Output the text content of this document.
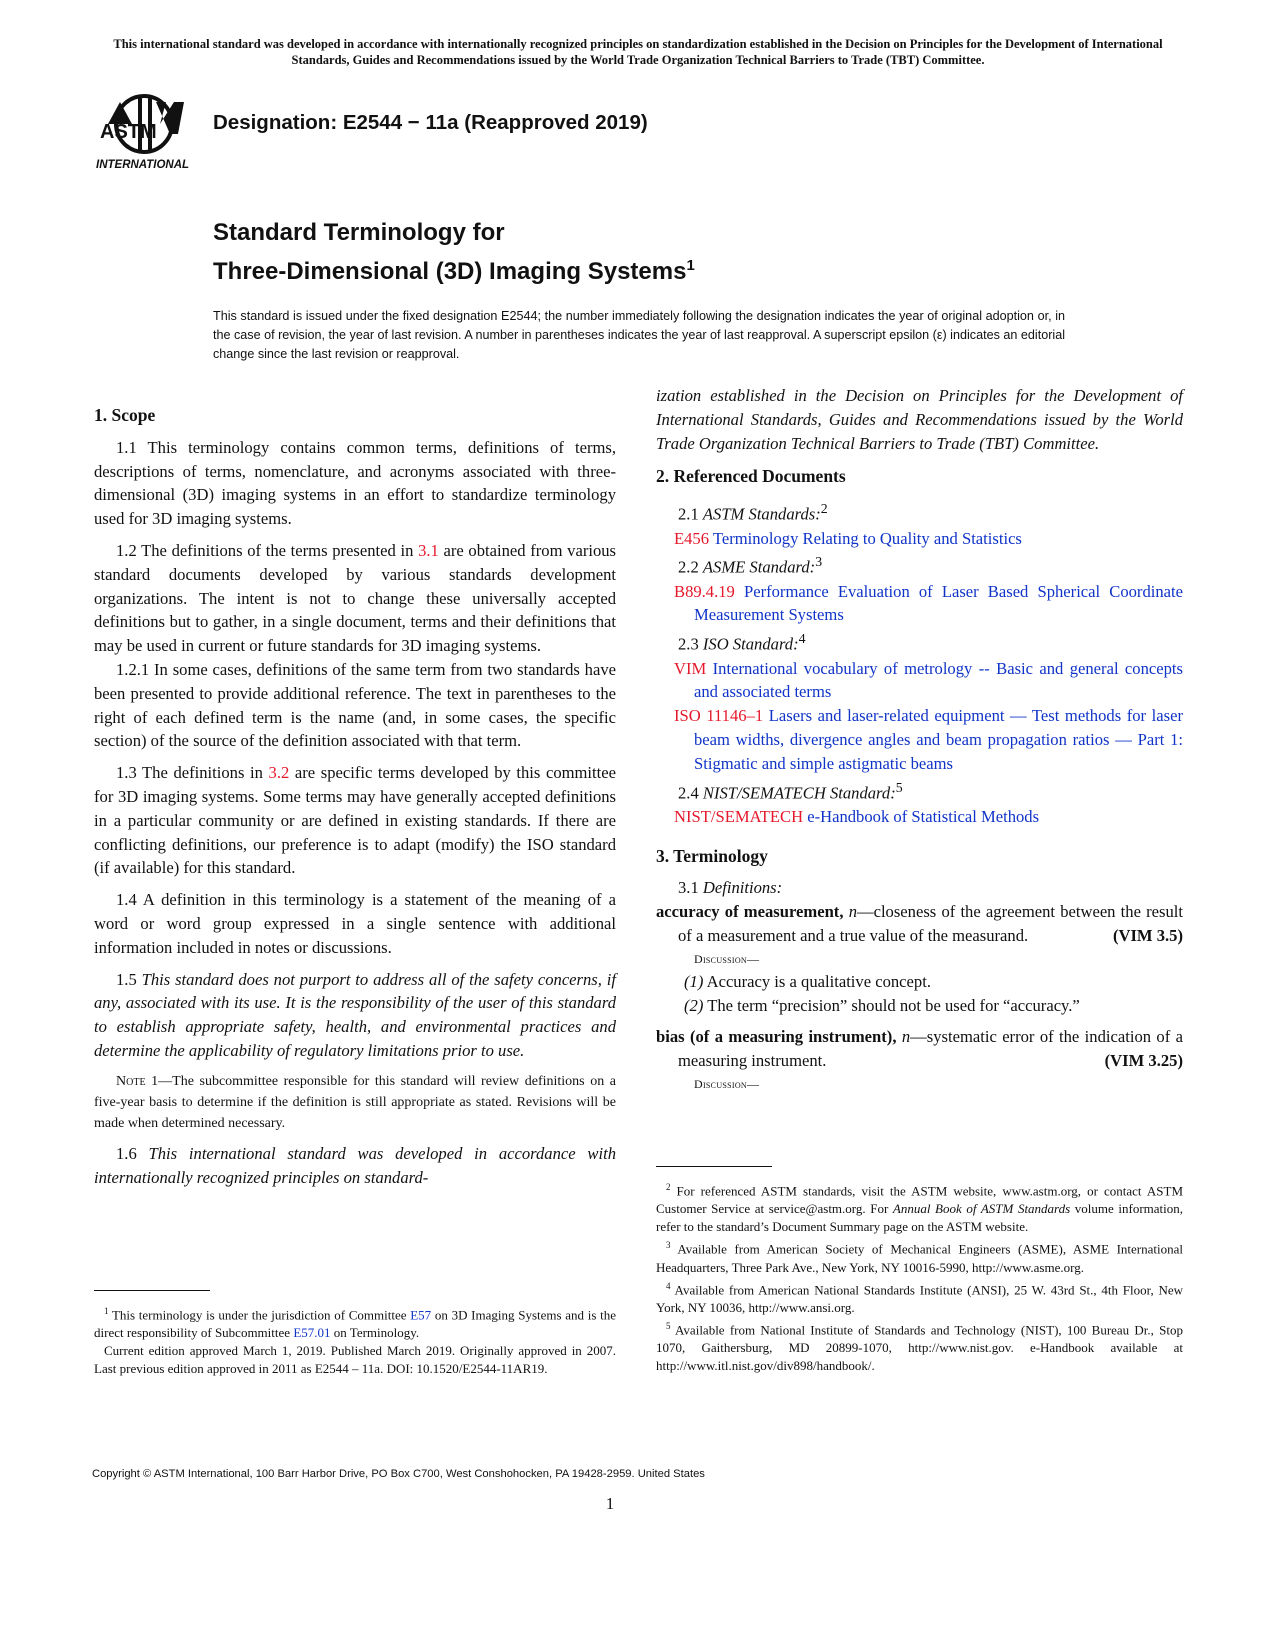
This international standard was developed in accordance with internationally recognized principles on standardization established in the Decision on Principles for the Development of International Standards, Guides and Recommendations issued by the World Trade Organization Technical Barriers to Trade (TBT) Committee.
ASTM
INTERNATIONAL
Designation: E2544 − 11a (Reapproved 2019)
Standard Terminology for
Three-Dimensional (3D) Imaging Systems$^1$
This standard is issued under the fixed designation E2544; the number immediately following the designation indicates the year of original adoption or, in the case of revision, the year of last revision. A number in parentheses indicates the year of last reapproval. A superscript epsilon (ε) indicates an editorial change since the last revision or reapproval.
1. Scope

1.1 This terminology contains common terms, definitions of terms, descriptions of terms, nomenclature, and acronyms associated with three-dimensional (3D) imaging systems in an effort to standardize terminology used for 3D imaging systems.

1.2 The definitions of the terms presented in 3.1 are obtained from various standard documents developed by various standards development organizations. The intent is not to change these universally accepted definitions but to gather, in a single document, terms and their definitions that may be used in current or future standards for 3D imaging systems.

1.2.1 In some cases, definitions of the same term from two standards have been presented to provide additional reference. The text in parentheses to the right of each defined term is the name (and, in some cases, the specific section) of the source of the definition associated with that term.

1.3 The definitions in 3.2 are specific terms developed by this committee for 3D imaging systems. Some terms may have generally accepted definitions in a particular community or are defined in existing standards. If there are conflicting definitions, our preference is to adapt (modify) the ISO standard (if available) for this standard.

1.4 A definition in this terminology is a statement of the meaning of a word or word group expressed in a single sentence with additional information included in notes or discussions.

1.5 This standard does not purport to address all of the safety concerns, if any, associated with its use. It is the responsibility of the user of this standard to establish appropriate safety, health, and environmental practices and determine the applicability of regulatory limitations prior to use.

Note 1—The subcommittee responsible for this standard will review definitions on a five-year basis to determine if the definition is still appropriate as stated. Revisions will be made when determined necessary.

1.6 This international standard was developed in accordance with internationally recognized principles on standard-

ization established in the Decision on Principles for the Development of International Standards, Guides and Recommendations issued by the World Trade Organization Technical Barriers to Trade (TBT) Committee.

2. Referenced Documents

2.1 ASTM Standards:$^2$

E456 Terminology Relating to Quality and Statistics

2.2 ASME Standard:$^3$

B89.4.19 Performance Evaluation of Laser Based Spherical Coordinate Measurement Systems

2.3 ISO Standard:$^4$

VIM International vocabulary of metrology -- Basic and general concepts and associated terms

ISO 11146–1 Lasers and laser-related equipment — Test methods for laser beam widths, divergence angles and beam propagation ratios — Part 1: Stigmatic and simple astigmatic beams

2.4 NIST/SEMATECH Standard:$^5$

NIST/SEMATECH e-Handbook of Statistical Methods

3. Terminology

3.1 Definitions:

accuracy of measurement, n—closeness of the agreement between the result of a measurement and a true value of the measurand.	(VIM 3.5)

Discussion—

(1) Accuracy is a qualitative concept.

(2) The term “precision” should not be used for “accuracy.”

bias (of a measuring instrument), n—systematic error of the indication of a measuring instrument.	(VIM 3.25)

Discussion—

$^1$ This terminology is under the jurisdiction of Committee E57 on 3D Imaging Systems and is the direct responsibility of Subcommittee E57.01 on Terminology.

Current edition approved March 1, 2019. Published March 2019. Originally approved in 2007. Last previous edition approved in 2011 as E2544 – 11a. DOI: 10.1520/E2544-11AR19.

$^2$ For referenced ASTM standards, visit the ASTM website, www.astm.org, or contact ASTM Customer Service at service@astm.org. For Annual Book of ASTM Standards volume information, refer to the standard’s Document Summary page on the ASTM website.

$^3$ Available from American Society of Mechanical Engineers (ASME), ASME International Headquarters, Three Park Ave., New York, NY 10016-5990, http://www.asme.org.

$^4$ Available from American National Standards Institute (ANSI), 25 W. 43rd St., 4th Floor, New York, NY 10036, http://www.ansi.org.

$^5$ Available from National Institute of Standards and Technology (NIST), 100 Bureau Dr., Stop 1070, Gaithersburg, MD 20899-1070, http://www.nist.gov. e-Handbook available at http://www.itl.nist.gov/div898/handbook/.

Copyright © ASTM International, 100 Barr Harbor Drive, PO Box C700, West Conshohocken, PA 19428-2959. United States
1
